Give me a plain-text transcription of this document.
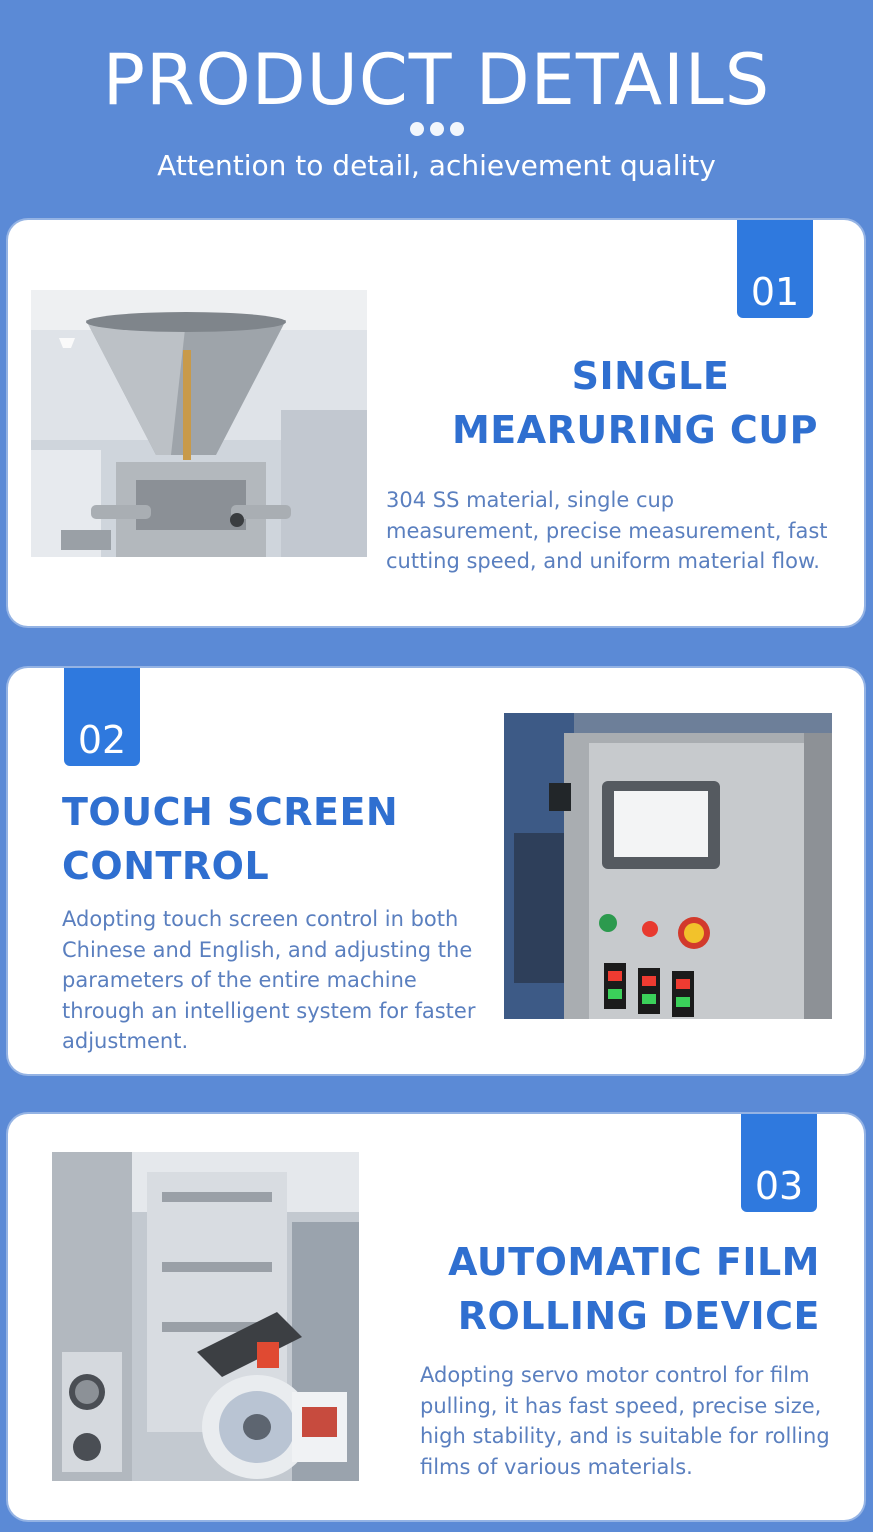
PRODUCT DETAILS
Attention to detail, achievement quality
01
SINGLE
MEARURING CUP
304 SS material, single cup measurement, precise measurement, fast cutting speed, and uniform material flow.
02
TOUCH SCREEN
CONTROL
Adopting touch screen control in both Chinese and English, and adjusting the parameters of the entire machine through an intelligent system for faster adjustment.
03
AUTOMATIC FILM
ROLLING DEVICE
Adopting servo motor control for film pulling, it has fast speed, precise size, high stability, and is suitable for rolling films of various materials.
